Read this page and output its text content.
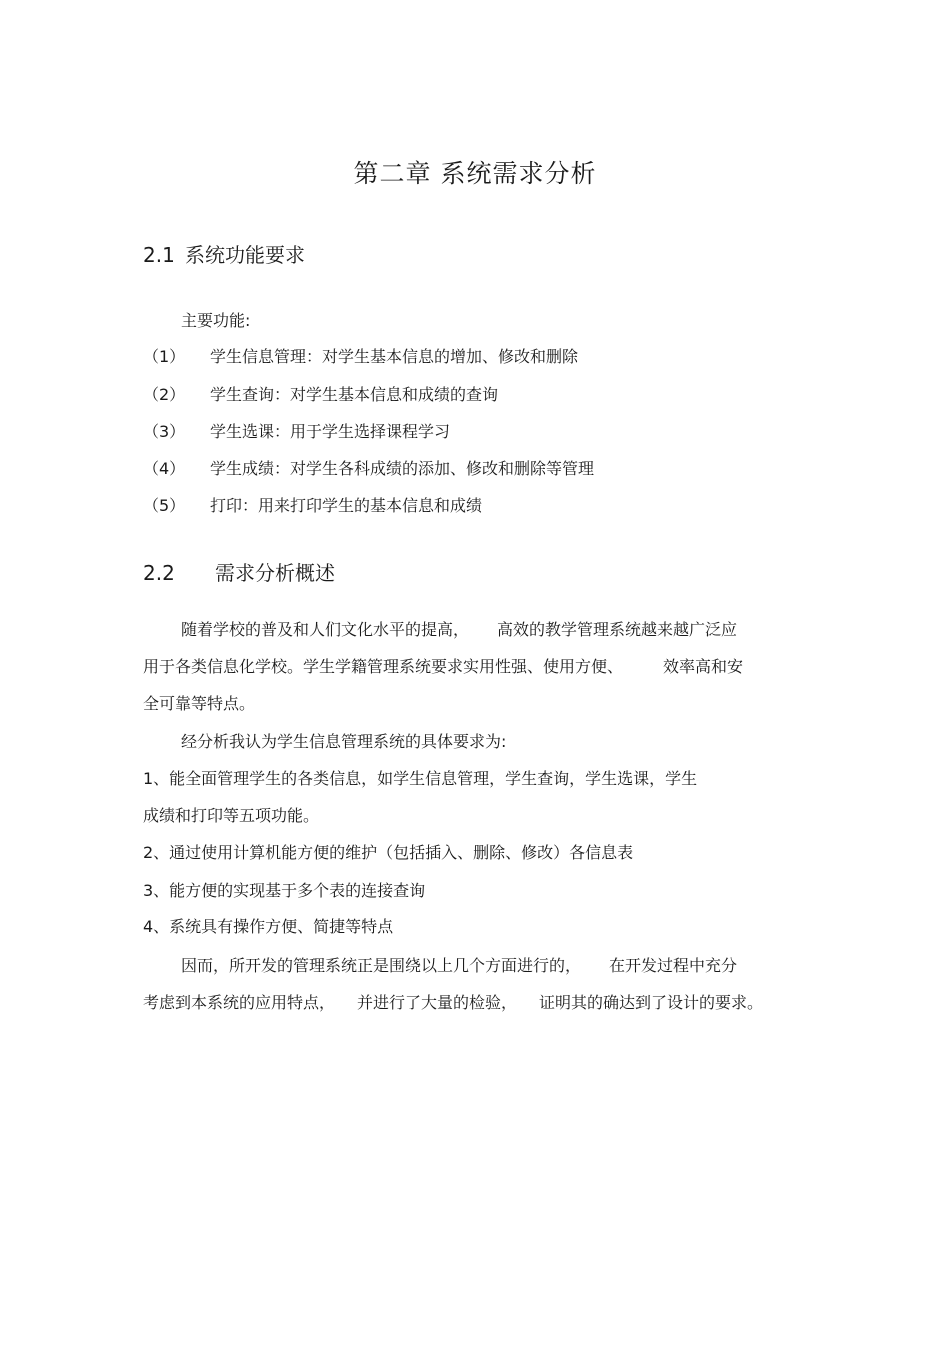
第二章 系统需求分析
2.1 系统功能要求
主要功能:
（1） 学生信息管理：对学生基本信息的增加、修改和删除
（2） 学生查询：对学生基本信息和成绩的查询
（3） 学生选课：用于学生选择课程学习
（4） 学生成绩：对学生各科成绩的添加、修改和删除等管理
（5） 打印：用来打印学生的基本信息和成绩
2.2 需求分析概述
随着学校的普及和人们文化水平的提高， 高效的教学管理系统越来越广泛应
用于各类信息化学校。学生学籍管理系统要求实用性强、使用方便、	效率高和安
全可靠等特点。
经分析我认为学生信息管理系统的具体要求为:
1、能全面管理学生的各类信息，如学生信息管理，学生查询，学生选课，学生
成绩和打印等五项功能。
2、通过使用计算机能方便的维护（包括插入、删除、修改）各信息表
3、能方便的实现基于多个表的连接查询
4、系统具有操作方便、简捷等特点
因而，所开发的管理系统正是围绕以上几个方面进行的， 在开发过程中充分
考虑到本系统的应用特点， 并进行了大量的检验， 证明其的确达到了设计的要求。
